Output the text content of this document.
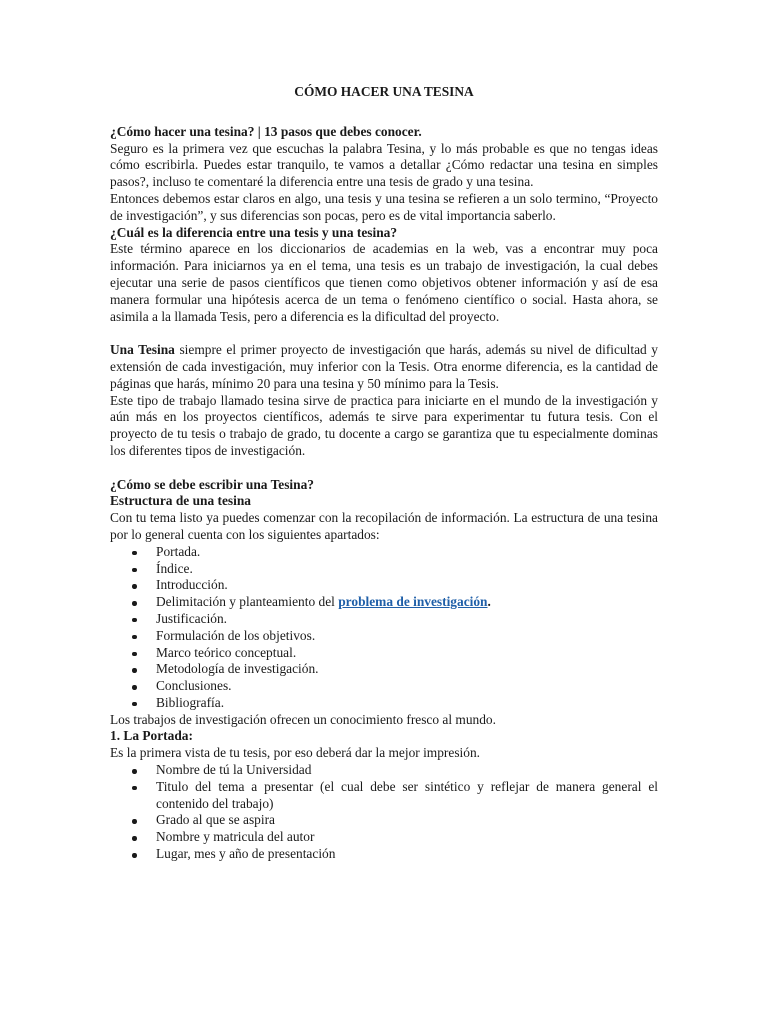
CÓMO HACER UNA TESINA

¿Cómo hacer una tesina? | 13 pasos que debes conocer.

Seguro es la primera vez que escuchas la palabra Tesina, y lo más probable es que no tengas ideas cómo escribirla. Puedes estar tranquilo, te vamos a detallar ¿Cómo redactar una tesina en simples pasos?, incluso te comentaré la diferencia entre una tesis de grado y una tesina.

Entonces debemos estar claros en algo, una tesis y una tesina se refieren a un solo termino, “Proyecto de investigación”, y sus diferencias son pocas, pero es de vital importancia saberlo.

¿Cuál es la diferencia entre una tesis y una tesina?

Este término aparece en los diccionarios de academias en la web, vas a encontrar muy poca información. Para iniciarnos ya en el tema, una tesis es un trabajo de investigación, la cual debes ejecutar una serie de pasos científicos que tienen como objetivos obtener información y así de esa manera formular una hipótesis acerca de un tema o fenómeno científico o social. Hasta ahora, se asimila a la llamada Tesis, pero a diferencia es la dificultad del proyecto.

Una Tesina siempre el primer proyecto de investigación que harás, además su nivel de dificultad y extensión de cada investigación, muy inferior con la Tesis. Otra enorme diferencia, es la cantidad de páginas que harás, mínimo 20 para una tesina y 50 mínimo para la Tesis.

Este tipo de trabajo llamado tesina sirve de practica para iniciarte en el mundo de la investigación y aún más en los proyectos científicos, además te sirve para experimentar tu futura tesis. Con el proyecto de tu tesis o trabajo de grado, tu docente a cargo se garantiza que tu especialmente dominas los diferentes tipos de investigación.

¿Cómo se debe escribir una Tesina?

Estructura de una tesina

Con tu tema listo ya puedes comenzar con la recopilación de información. La estructura de una tesina por lo general cuenta con los siguientes apartados:

Portada.
Índice.
Introducción.
Delimitación y planteamiento del problema de investigación.
Justificación.
Formulación de los objetivos.
Marco teórico conceptual.
Metodología de investigación.
Conclusiones.
Bibliografía.

Los trabajos de investigación ofrecen un conocimiento fresco al mundo.

1. La Portada:

Es la primera vista de tu tesis, por eso deberá dar la mejor impresión.

Nombre de tú la Universidad
Titulo del tema a presentar (el cual debe ser sintético y reflejar de manera general el contenido del trabajo)
Grado al que se aspira
Nombre y matricula del autor
Lugar, mes y año de presentación
